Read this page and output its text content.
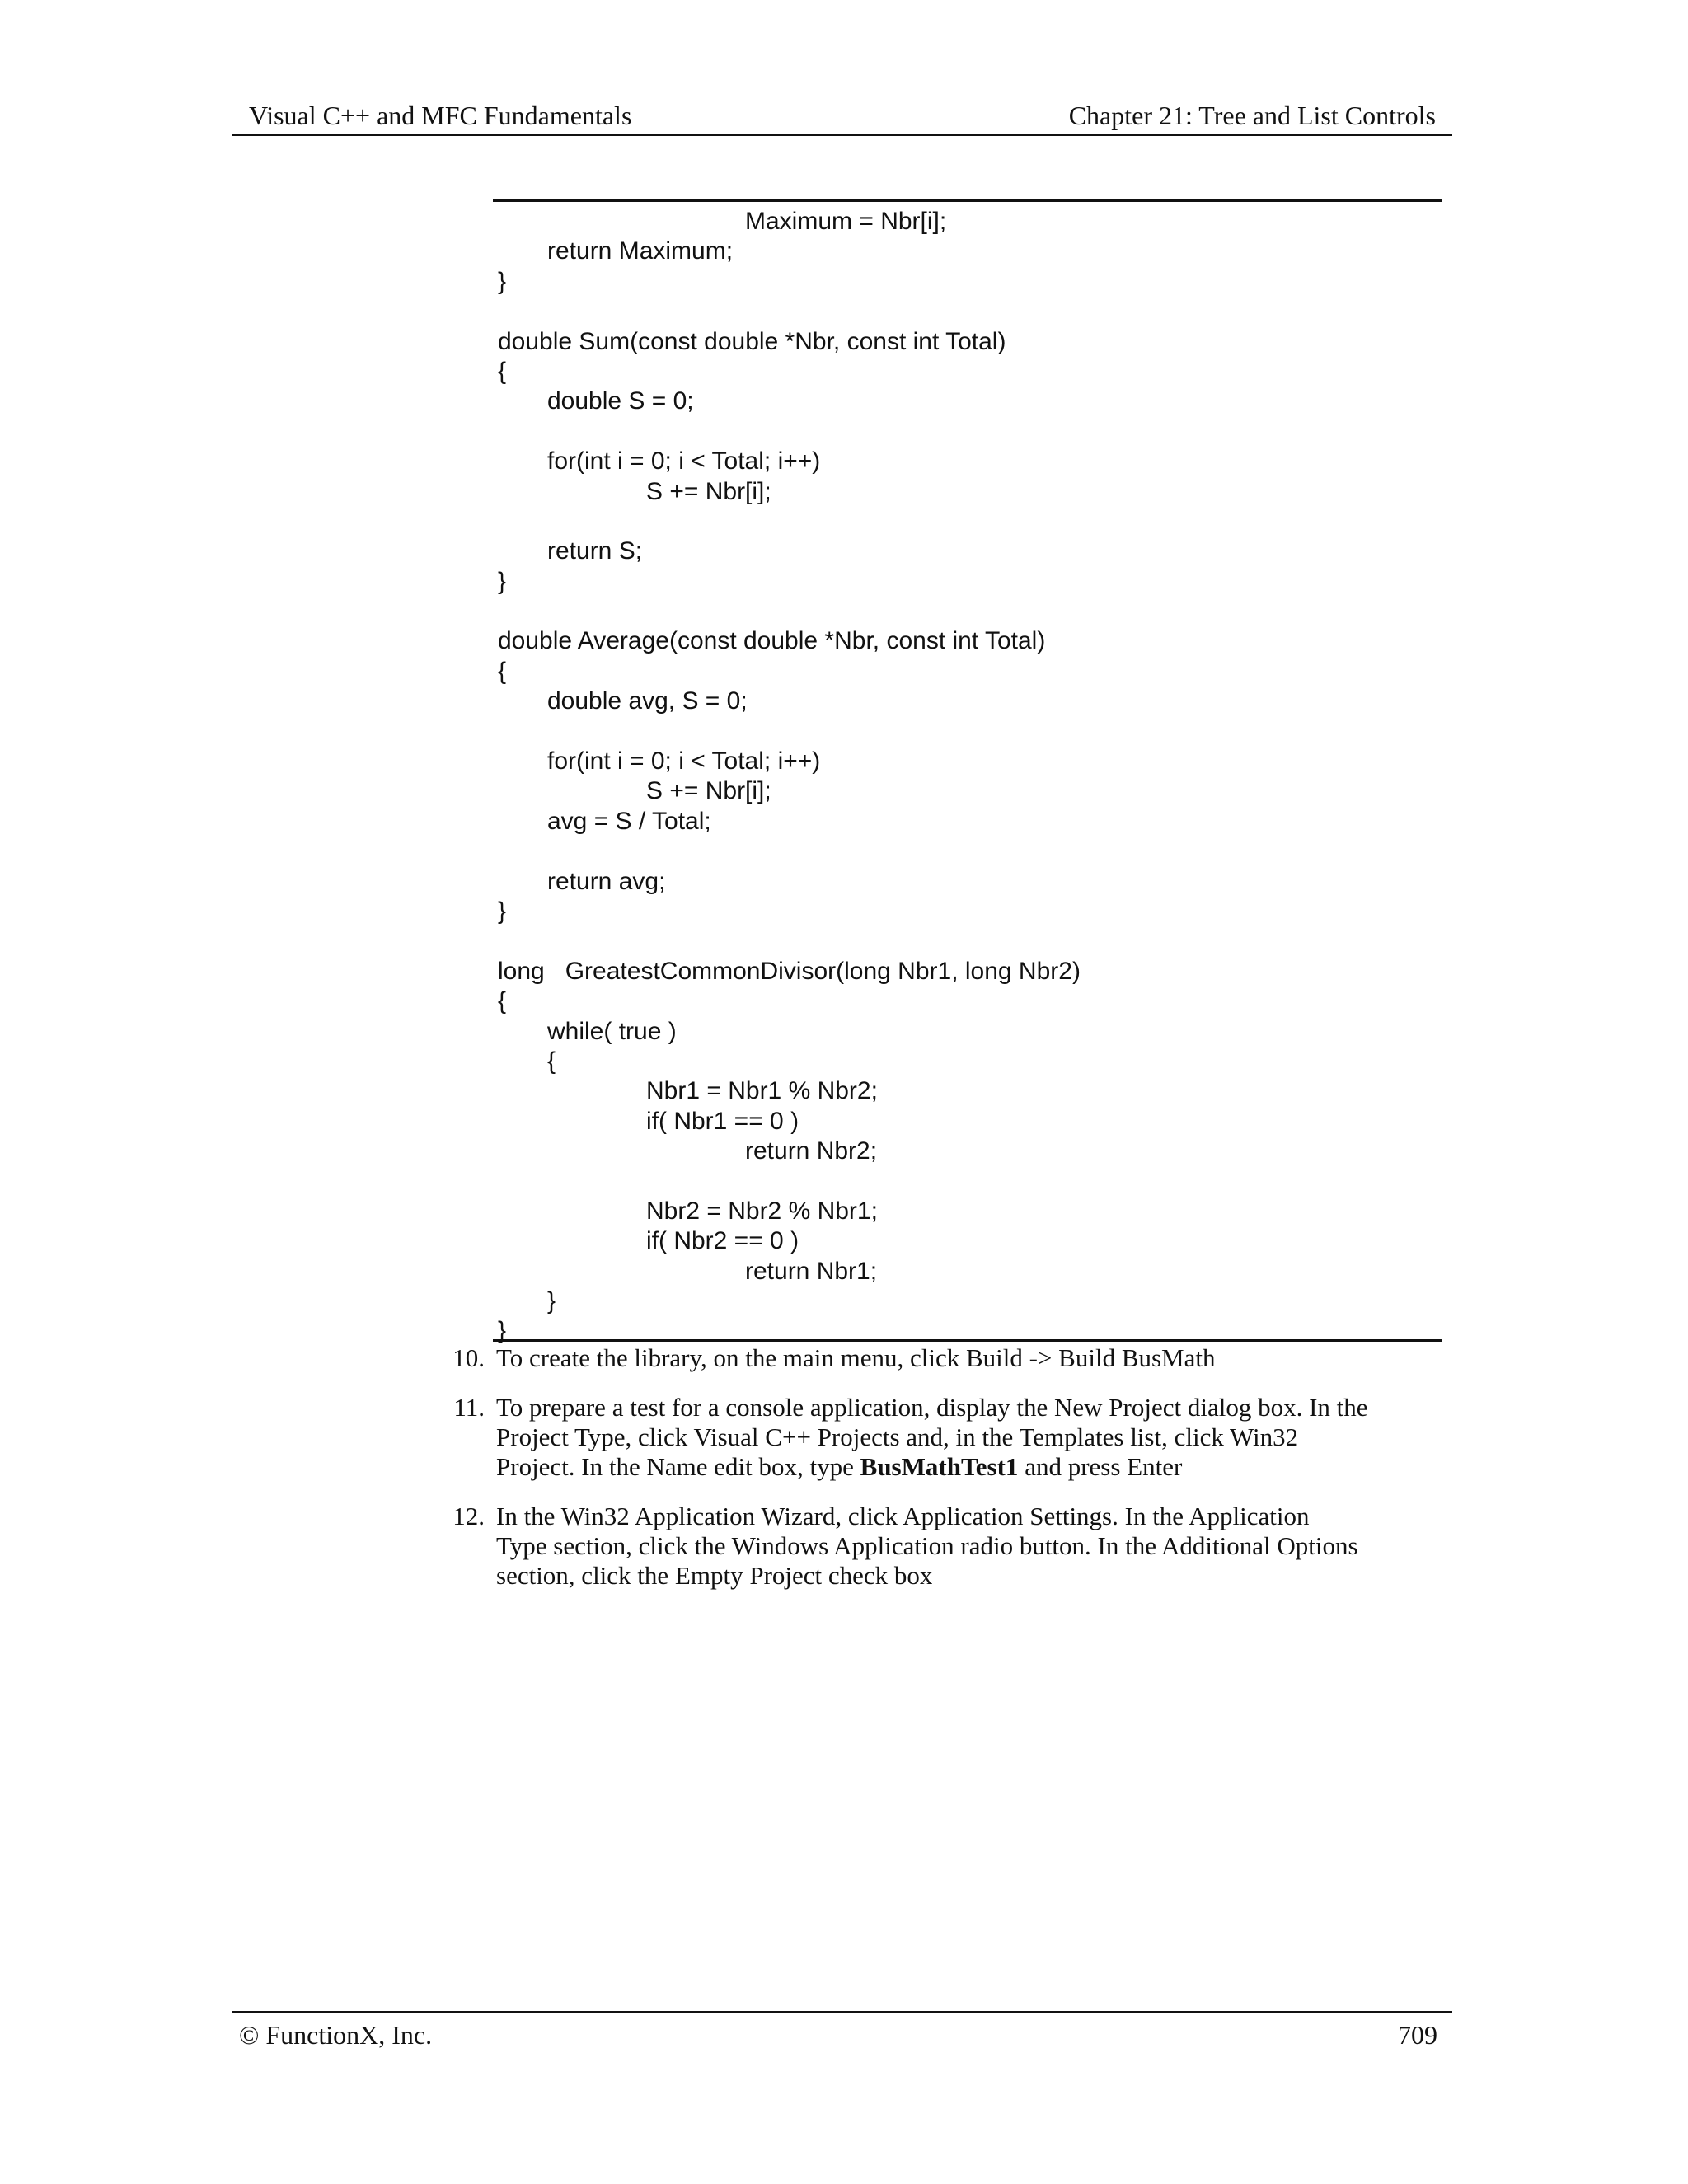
Visual C++ and MFC Fundamentals	Chapter 21: Tree and List Controls
Maximum = Nbr[i];
return Maximum;
}
double Sum(const double *Nbr, const int Total)
{
double S = 0;
for(int i = 0; i < Total; i++)
S += Nbr[i];
return S;
}
double Average(const double *Nbr, const int Total)
{
double avg, S = 0;
for(int i = 0; i < Total; i++)
S += Nbr[i];
avg = S / Total;
return avg;
}
long   GreatestCommonDivisor(long Nbr1, long Nbr2)
{
while( true )
{
Nbr1 = Nbr1 % Nbr2;
if( Nbr1 == 0 )
return Nbr2;
Nbr2 = Nbr2 % Nbr1;
if( Nbr2 == 0 )
return Nbr1;
}
}
10. To create the library, on the main menu, click Build -> Build BusMath
11. To prepare a test for a console application, display the New Project dialog box. In the
Project Type, click Visual C++ Projects and, in the Templates list, click Win32
Project. In the Name edit box, type BusMathTest1 and press Enter
12. In the Win32 Application Wizard, click Application Settings. In the Application
Type section, click the Windows Application radio button. In the Additional Options
section, click the Empty Project check box
© FunctionX, Inc.	709
